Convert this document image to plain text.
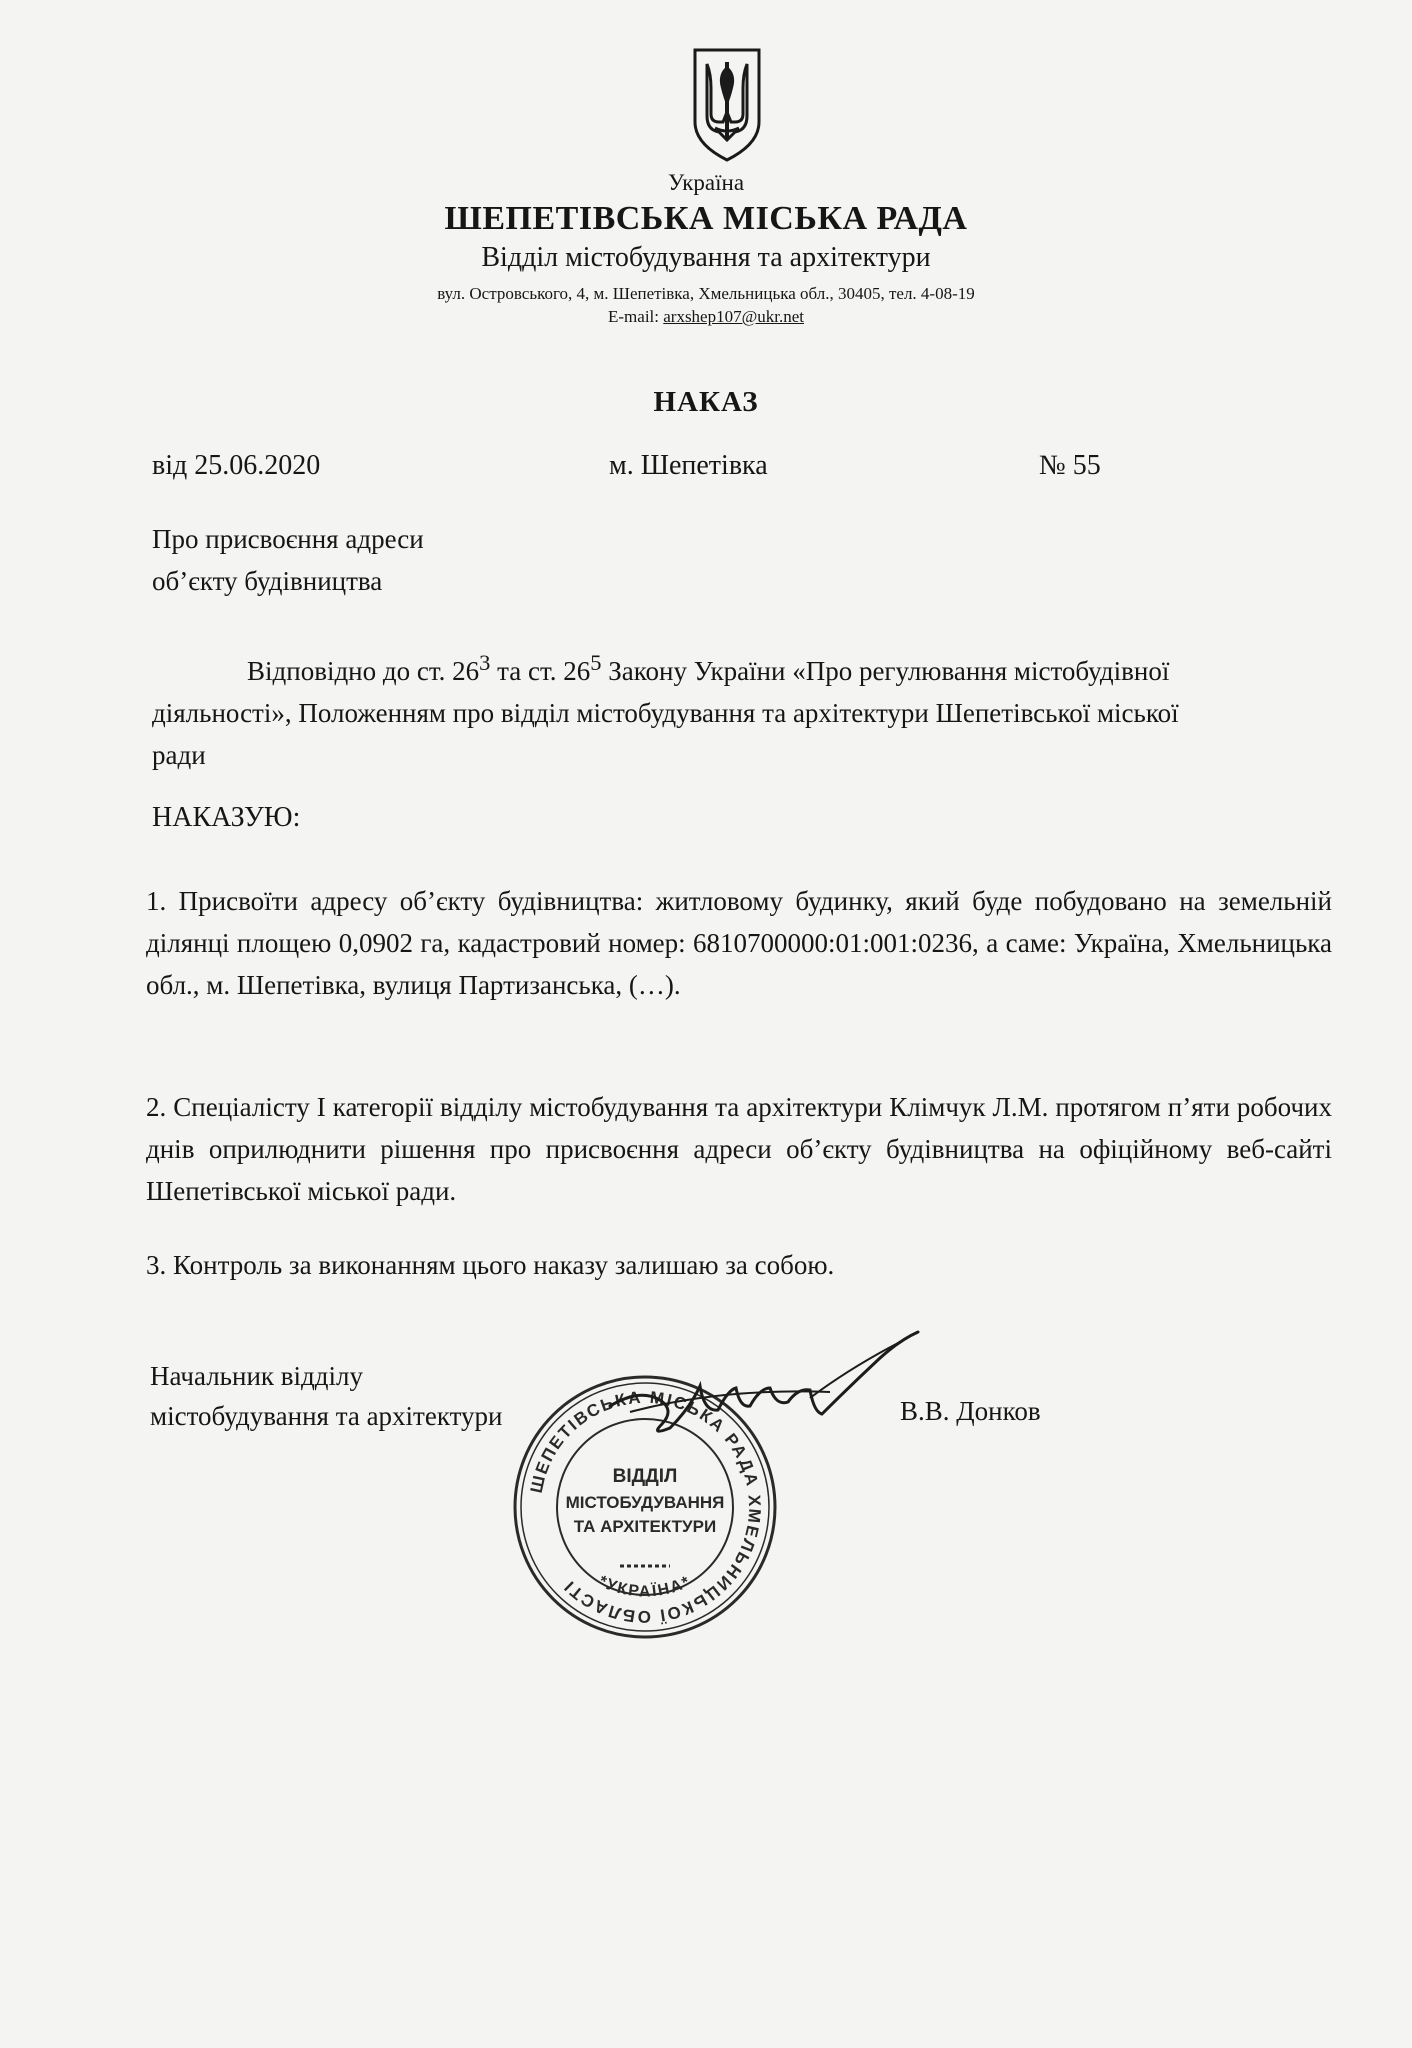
Україна
ШЕПЕТІВСЬКА МІСЬКА РАДА
Відділ містобудування та архітектури
вул. Островського, 4, м. Шепетівка, Хмельницька обл., 30405, тел. 4-08-19
E-mail: arxshep107@ukr.net
НАКАЗ
від 25.06.2020	м. Шепетівка	№ 55
Про присвоєння адреси
об’єкту будівництва
Відповідно до ст. $26^3$ та ст. $26^5$ Закону України «Про регулювання містобудівної діяльності», Положенням про відділ містобудування та архітектури Шепетівської міської ради
НАКАЗУЮ:
1. Присвоїти адресу об’єкту будівництва: житловому будинку, який буде побудовано на земельній ділянці площею 0,0902 га, кадастровий номер: 6810700000:01:001:0236, а саме: Україна, Хмельницька обл., м. Шепетівка, вулиця Партизанська, (…).
2. Спеціалісту І категорії відділу містобудування та архітектури Клімчук Л.М. протягом п’яти робочих днів оприлюднити рішення про присвоєння адреси об’єкту будівництва на офіційному веб-сайті Шепетівської міської ради.
3. Контроль за виконанням цього наказу залишаю за собою.
Начальник відділу
містобудування та архітектури	В.В. Донков
ШЕПЕТІВСЬКА МІСЬКА РАДА ХМЕЛЬНИЦЬКОЇ ОБЛАСТІ	*УКРАЇНА*
ВІДДІЛ
МІСТОБУДУВАННЯ
ТА АРХІТЕКТУРИ
